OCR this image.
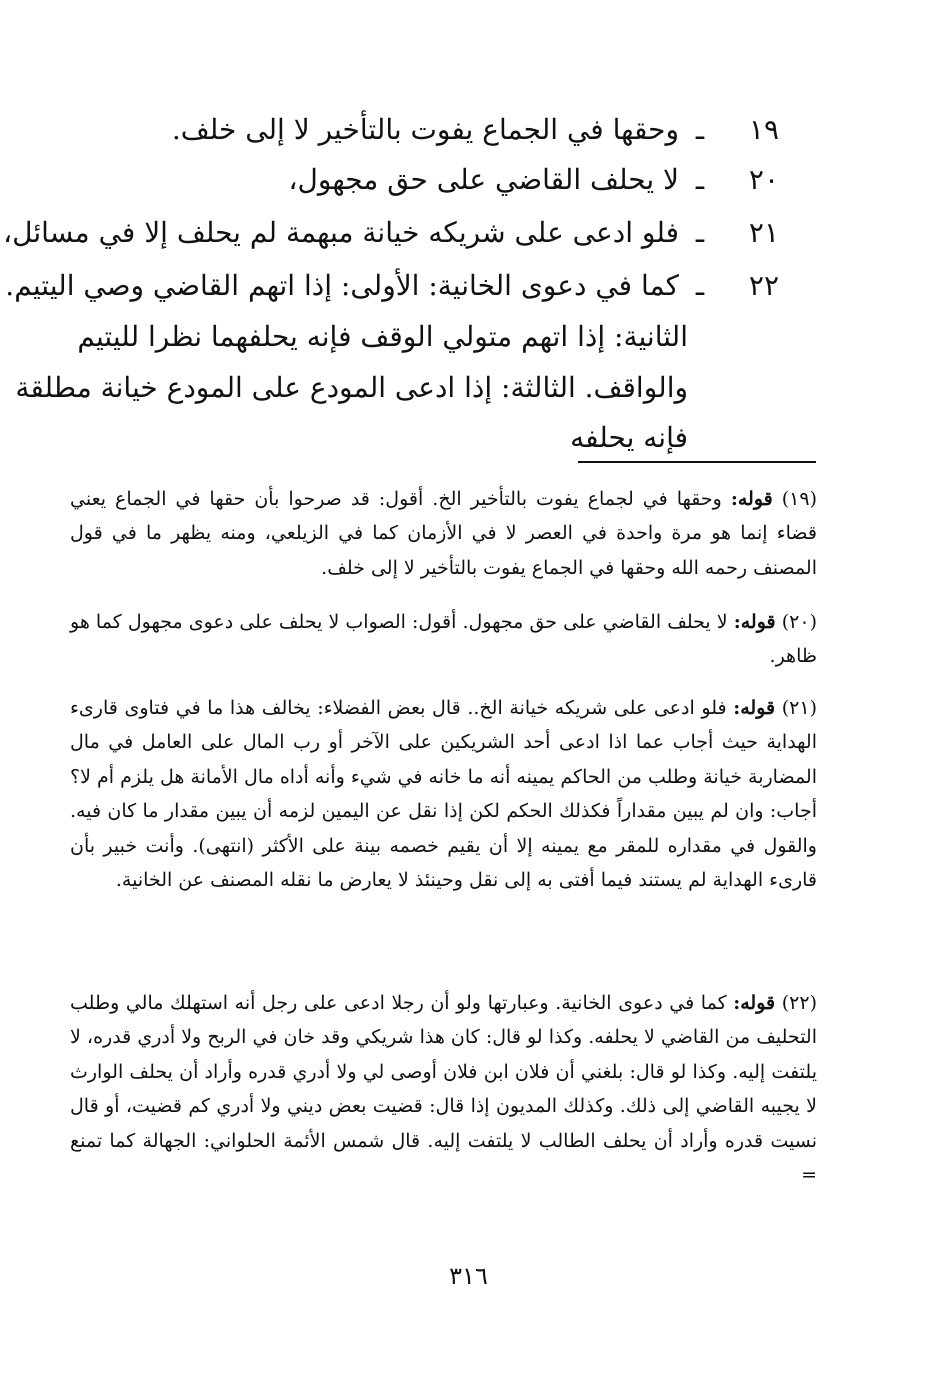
١٩ـوحقها في الجماع يفوت بالتأخير لا إلى خلف.
٢٠ـلا يحلف القاضي على حق مجهول،
٢١ـفلو ادعى على شريكه خيانة مبهمة لم يحلف إلا في مسائل،
٢٢ـكما في دعوى الخانية: الأولى: إذا اتهم القاضي وصي اليتيم.
الثانية: إذا اتهم متولي الوقف فإنه يحلفهما نظرا لليتيم
والواقف. الثالثة: إذا ادعى المودع على المودع خيانة مطلقة
فإنه يحلفه

(١٩) قوله: وحقها في لجماع يفوت بالتأخير الخ. أقول: قد صرحوا بأن حقها في الجماع يعني قضاء إنما هو مرة واحدة في العصر لا في الأزمان كما في الزيلعي، ومنه يظهر ما في قول المصنف رحمه الله وحقها في الجماع يفوت بالتأخير لا إلى خلف.

(٢٠) قوله: لا يحلف القاضي على حق مجهول. أقول: الصواب لا يحلف على دعوى مجهول كما هو ظاهر.

(٢١) قوله: فلو ادعى على شريكه خيانة الخ.. قال بعض الفضلاء: يخالف هذا ما في فتاوى قارىء الهداية حيث أجاب عما اذا ادعى أحد الشريكين على الآخر أو رب المال على العامل في مال المضاربة خيانة وطلب من الحاكم يمينه أنه ما خانه في شيء وأنه أداه مال الأمانة هل يلزم أم لا؟ أجاب: وان لم يبين مقداراً فكذلك الحكم لكن إذا نقل عن اليمين لزمه أن يبين مقدار ما كان فيه. والقول في مقداره للمقر مع يمينه إلا أن يقيم خصمه بينة على الأكثر (انتهى). وأنت خبير بأن قارىء الهداية لم يستند فيما أفتى به إلى نقل وحينئذ لا يعارض ما نقله المصنف عن الخانية.

(٢٢) قوله: كما في دعوى الخانية. وعبارتها ولو أن رجلا ادعى على رجل أنه استهلك مالي وطلب التحليف من القاضي لا يحلفه. وكذا لو قال: كان هذا شريكي وقد خان في الربح ولا أدري قدره، لا يلتفت إليه. وكذا لو قال: بلغني أن فلان ابن فلان أوصى لي ولا أدري قدره وأراد أن يحلف الوارث لا يجيبه القاضي إلى ذلك. وكذلك المديون إذا قال: قضيت بعض ديني ولا أدري كم قضيت، أو قال نسيت قدره وأراد أن يحلف الطالب لا يلتفت إليه. قال شمس الأئمة الحلواني: الجهالة كما تمنع =

٣١٦
